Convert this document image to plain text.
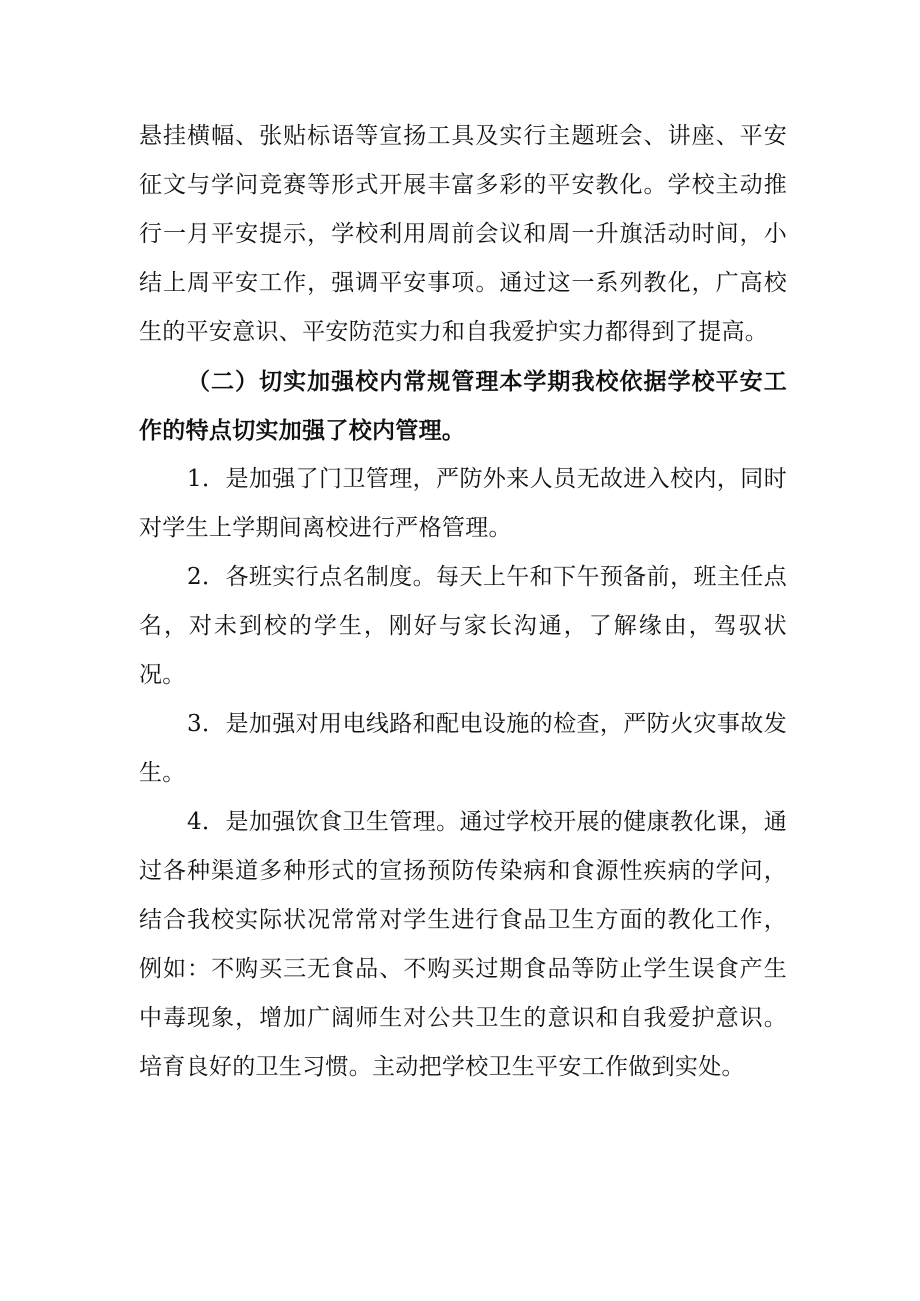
悬挂横幅、张贴标语等宣扬工具及实行主题班会、讲座、平安征文与学问竞赛等形式开展丰富多彩的平安教化。学校主动推行一月平安提示，学校利用周前会议和周一升旗活动时间，小结上周平安工作，强调平安事项。通过这一系列教化，广高校生的平安意识、平安防范实力和自我爱护实力都得到了提高。

（二）切实加强校内常规管理本学期我校依据学校平安工作的特点切实加强了校内管理。

1．是加强了门卫管理，严防外来人员无故进入校内，同时对学生上学期间离校进行严格管理。

2．各班实行点名制度。每天上午和下午预备前，班主任点名，对未到校的学生，刚好与家长沟通，了解缘由，驾驭状况。

3．是加强对用电线路和配电设施的检查，严防火灾事故发生。

4．是加强饮食卫生管理。通过学校开展的健康教化课，通过各种渠道多种形式的宣扬预防传染病和食源性疾病的学问，结合我校实际状况常常对学生进行食品卫生方面的教化工作，例如：不购买三无食品、不购买过期食品等防止学生误食产生中毒现象，增加广阔师生对公共卫生的意识和自我爱护意识。培育良好的卫生习惯。主动把学校卫生平安工作做到实处。
